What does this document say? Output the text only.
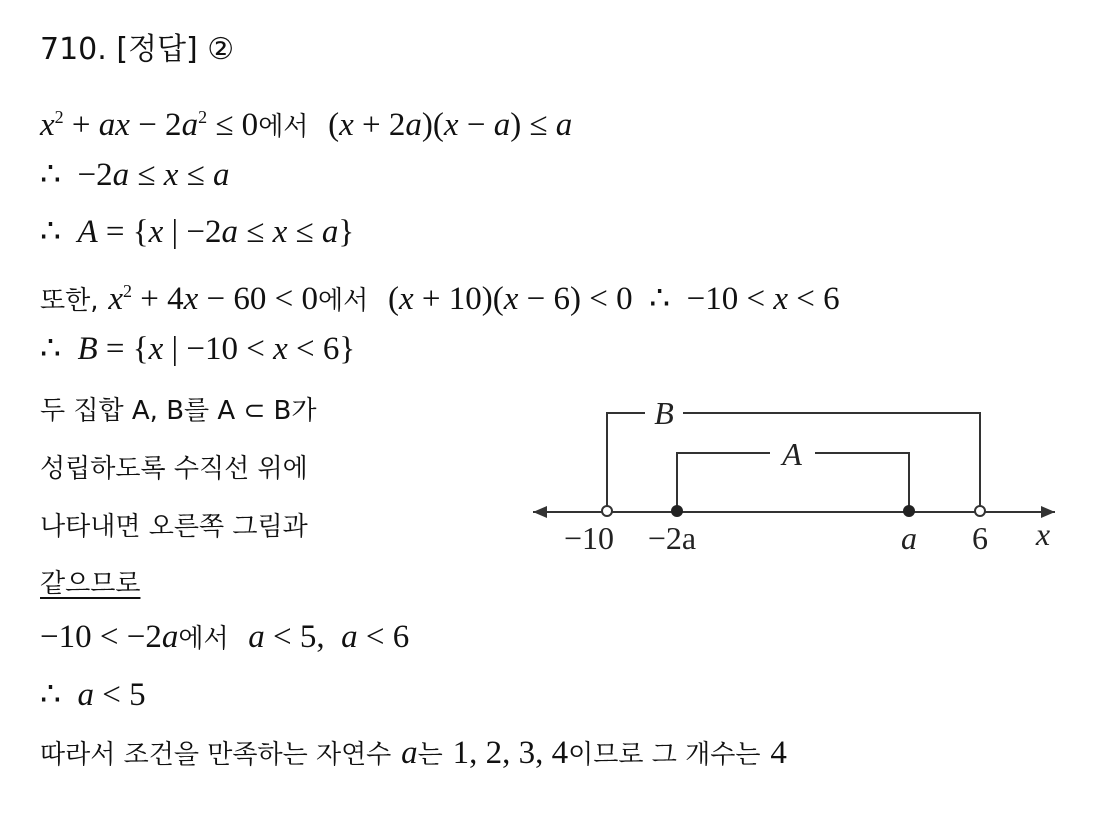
710. [정답] ②
$x^2$ + ax − $2a^2 \le 0$에서 (x + 2a)(x − a) ≤ a
∴  −2a ≤ x ≤ a
∴  A = {x | −2a ≤ x ≤ a}
또한, $x^2 + 4x - 60 < 0$에서 (x + 10)(x − 6) < 0  ∴  −10 < x < 6
∴  B = {x | −10 < x < 6}
두 집합 A, B를 A ⊂ B가
성립하도록 수직선 위에
나타내면 오른쪽 그림과
같으므로
−10 < −2a에서 a < 5,  a < 6
∴  a < 5
따라서 조건을 만족하는 자연수 a는 1, 2, 3, 4이므로 그 개수는 4
B
A
−10 −2a	a 6 x
